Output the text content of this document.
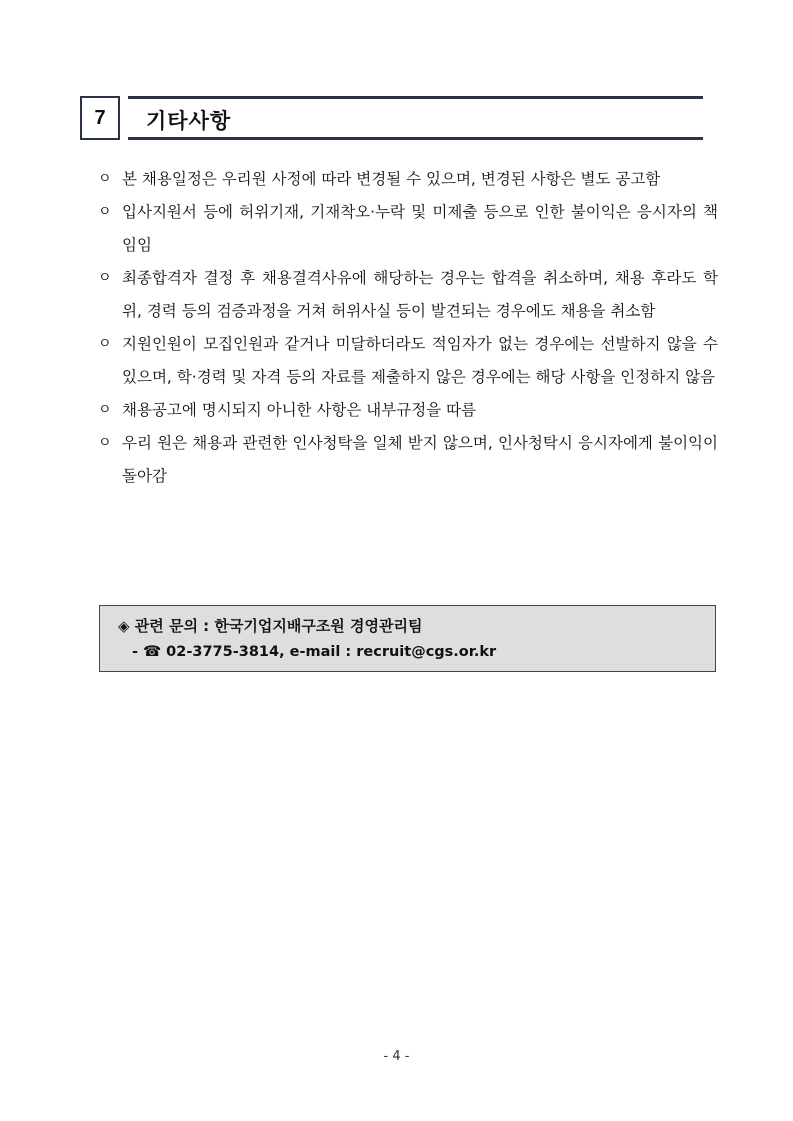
7	기타사항
ㅇ 본 채용일정은 우리원 사정에 따라 변경될 수 있으며, 변경된 사항은 별도 공고함
ㅇ 입사지원서 등에 허위기재, 기재착오·누락 및 미제출 등으로 인한 불이익은 응시자의 책임임
ㅇ 최종합격자 결정 후 채용결격사유에 해당하는 경우는 합격을 취소하며, 채용 후라도 학위, 경력 등의 검증과정을 거쳐 허위사실 등이 발견되는 경우에도 채용을 취소함
ㅇ 지원인원이 모집인원과 같거나 미달하더라도 적임자가 없는 경우에는 선발하지 않을 수 있으며, 학·경력 및 자격 등의 자료를 제출하지 않은 경우에는 해당 사항을 인정하지 않음
ㅇ 채용공고에 명시되지 아니한 사항은 내부규정을 따름
ㅇ 우리 원은 채용과 관련한 인사청탁을 일체 받지 않으며, 인사청탁시 응시자에게 불이익이 돌아감
◈ 관련 문의 : 한국기업지배구조원 경영관리팀
- ☎ 02-3775-3814, e-mail : recruit@cgs.or.kr
- 4 -
